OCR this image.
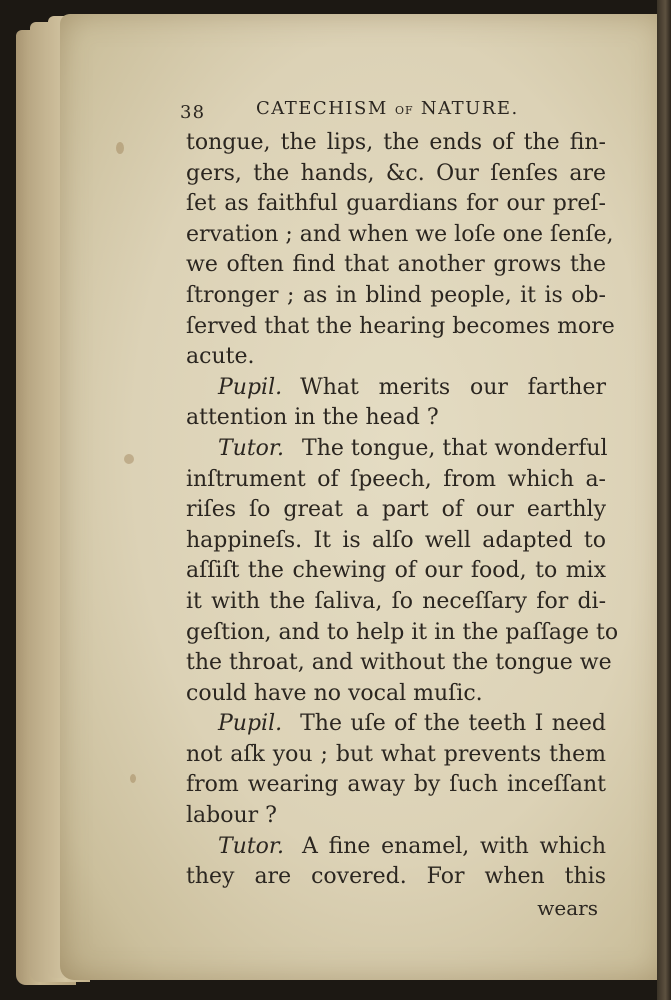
38	CATECHISM OF NATURE.
tongue, the lips, the ends of the fin-
gers, the hands, &c. Our ſenſes are
ſet as faithful guardians for our preſ-
ervation ; and when we loſe one ſenſe,
we often find that another grows the
ſtronger ; as in blind people, it is ob-
ſerved that the hearing becomes more
acute.
Pupil. What merits our farther
attention in the head ?
Tutor. The tongue, that wonderful
inſtrument of ſpeech, from which a-
riſes ſo great a part of our earthly
happineſs. It is alſo well adapted to
aſſiſt the chewing of our food, to mix
it with the ſaliva, ſo neceſſary for di-
geſtion, and to help it in the paſſage to
the throat, and without the tongue we
could have no vocal muſic.
Pupil. The uſe of the teeth I need
not aſk you ; but what prevents them
from wearing away by ſuch inceſſant
labour ?
Tutor. A fine enamel, with which
they are covered. For when this
wears
